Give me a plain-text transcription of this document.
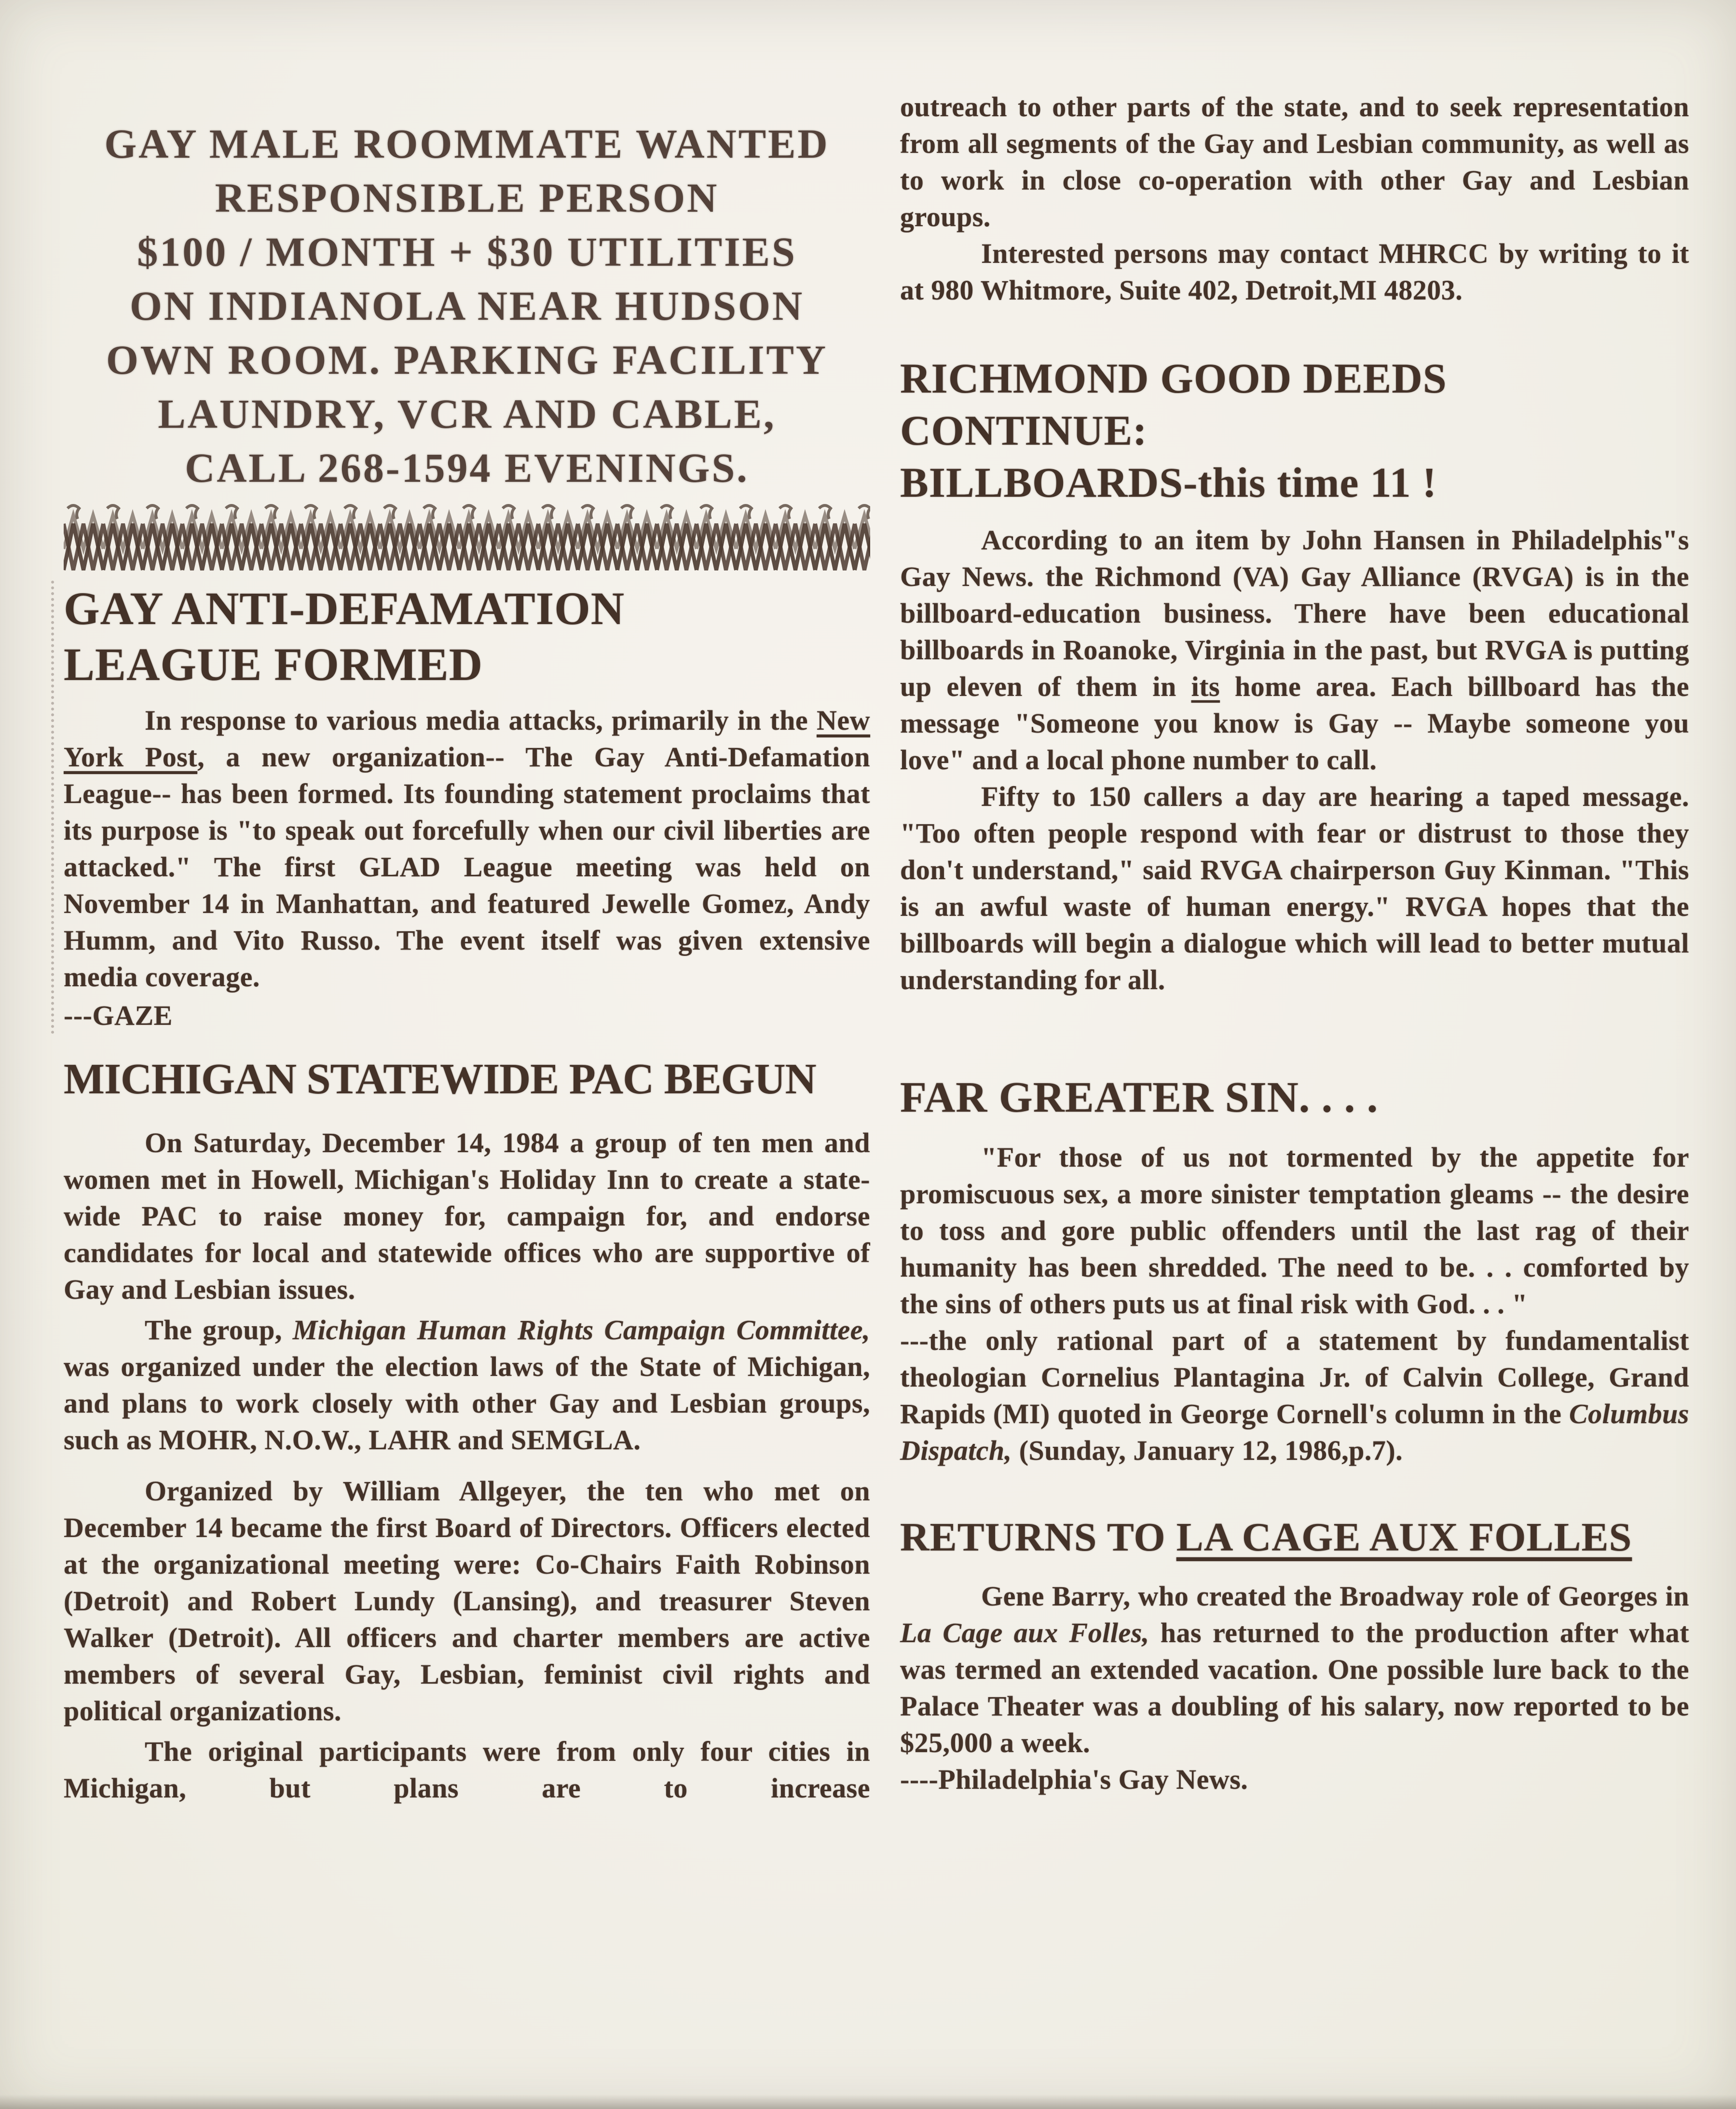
GAY MALE ROOMMATE WANTED
RESPONSIBLE PERSON
$100 / MONTH + $30 UTILITIES
ON INDIANOLA NEAR HUDSON
OWN ROOM. PARKING FACILITY
LAUNDRY, VCR AND CABLE,
CALL 268-1594 EVENINGS.
GAY ANTI-DEFAMATION
LEAGUE FORMED

In response to various media attacks, primarily in the New York Post, a new organization-- The Gay Anti-Defamation League-- has been formed. Its founding statement proclaims that its purpose is "to speak out forcefully when our civil liberties are attacked." The first GLAD League meeting was held on November 14 in Manhattan, and featured Jewelle Gomez, Andy Humm, and Vito Russo. The event itself was given extensive media coverage.

---GAZE

MICHIGAN STATEWIDE PAC BEGUN

On Saturday, December 14, 1984 a group of ten men and women met in Howell, Michigan's Holiday Inn to create a state-wide PAC to raise money for, campaign for, and endorse candidates for local and statewide offices who are supportive of Gay and Lesbian issues.

The group, Michigan Human Rights Campaign Committee, was organized under the election laws of the State of Michigan, and plans to work closely with other Gay and Lesbian groups, such as MOHR, N.O.W., LAHR and SEMGLA.

Organized by William Allgeyer, the ten who met on December 14 became the first Board of Directors. Officers elected at the organizational meeting were: Co-Chairs Faith Robinson (Detroit) and Robert Lundy (Lansing), and treasurer Steven Walker (Detroit). All officers and charter members are active members of several Gay, Lesbian, feminist civil rights and political organizations.

The original participants were from only four cities in Michigan, but plans are to increase

outreach to other parts of the state, and to seek representation from all segments of the Gay and Lesbian community, as well as to work in close co-operation with other Gay and Lesbian groups.

Interested persons may contact MHRCC by writing to it at 980 Whitmore, Suite 402, Detroit,MI 48203.

RICHMOND GOOD DEEDS CONTINUE:
BILLBOARDS-this time 11 !

According to an item by John Hansen in Philadelphis"s Gay News. the Richmond (VA) Gay Alliance (RVGA) is in the billboard-education business. There have been educational billboards in Roanoke, Virginia in the past, but RVGA is putting up eleven of them in its home area. Each billboard has the message "Someone you know is Gay -- Maybe someone you love" and a local phone number to call.

Fifty to 150 callers a day are hearing a taped message. "Too often people respond with fear or distrust to those they don't understand," said RVGA chairperson Guy Kinman. "This is an awful waste of human energy." RVGA hopes that the billboards will begin a dialogue which will lead to better mutual understanding for all.

FAR GREATER SIN. . . .

"For those of us not tormented by the appetite for promiscuous sex, a more sinister temptation gleams -- the desire to toss and gore public offenders until the last rag of their humanity has been shredded. The need to be. . . comforted by the sins of others puts us at final risk with God. . . "

---the only rational part of a statement by fundamentalist theologian Cornelius Plantagina Jr. of Calvin College, Grand Rapids (MI) quoted in George Cornell's column in the Columbus Dispatch, (Sunday, January 12, 1986,p.7).

RETURNS TO LA CAGE AUX FOLLES

Gene Barry, who created the Broadway role of Georges in La Cage aux Folles, has returned to the production after what was termed an extended vacation. One possible lure back to the Palace Theater was a doubling of his salary, now reported to be $25,000 a week.

----Philadelphia's Gay News.
